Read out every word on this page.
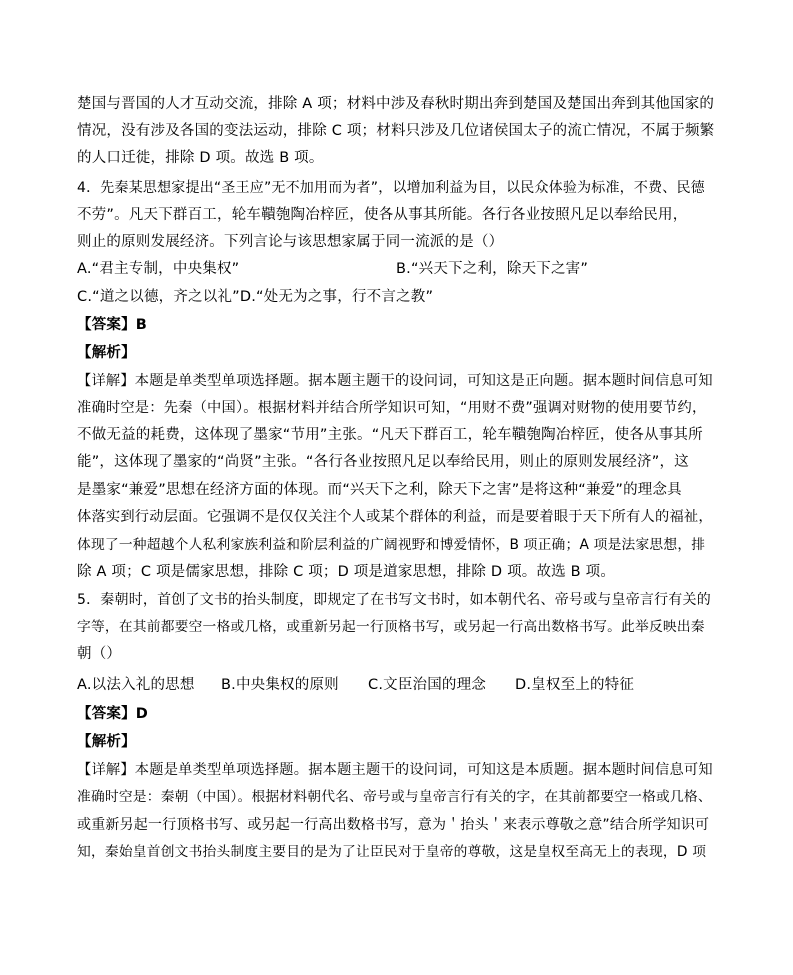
楚国与晋国的人才互动交流，排除 A 项；材料中涉及春秋时期出奔到楚国及楚国出奔到其他国家的
情况，没有涉及各国的变法运动，排除 C 项；材料只涉及几位诸侯国太子的流亡情况，不属于频繁
的人口迁徙，排除 D 项。故选 B 项。
4．先秦某思想家提出“圣王应”无不加用而为者”，以增加利益为目，以民众体验为标准，不费、民德
不劳”。凡天下群百工，轮车鞼匏陶冶梓匠，使各从事其所能。各行各业按照凡足以奉给民用，
则止的原则发展经济。下列言论与该思想家属于同一流派的是（）
A.“君主专制，中央集权”	B.“兴天下之利，除天下之害”
C.“道之以德，齐之以礼”D.“处无为之事，行不言之教”
【答案】B
【解析】
【详解】本题是单类型单项选择题。据本题主题干的设问词，可知这是正向题。据本题时间信息可知
准确时空是：先秦（中国）。根据材料并结合所学知识可知，“用财不费”强调对财物的使用要节约，
不做无益的耗费，这体现了墨家“节用”主张。“凡天下群百工，轮车鞼匏陶冶梓匠，使各从事其所
能”，这体现了墨家的“尚贤”主张。“各行各业按照凡足以奉给民用，则止的原则发展经济”，这
是墨家“兼爱”思想在经济方面的体现。而“兴天下之利，除天下之害”是将这种“兼爱”的理念具
体落实到行动层面。它强调不是仅仅关注个人或某个群体的利益，而是要着眼于天下所有人的福祉，
体现了一种超越个人私利家族利益和阶层利益的广阔视野和博爱情怀，B 项正确；A 项是法家思想，排
除 A 项；C 项是儒家思想，排除 C 项；D 项是道家思想，排除 D 项。故选 B 项。
5．秦朝时，首创了文书的抬头制度，即规定了在书写文书时，如本朝代名、帝号或与皇帝言行有关的
字等，在其前都要空一格或几格，或重新另起一行顶格书写，或另起一行高出数格书写。此举反映出秦
朝（）
A.以法入礼的思想 B.中央集权的原则 C.文臣治国的理念 D.皇权至上的特征
【答案】D
【解析】
【详解】本题是单类型单项选择题。据本题主题干的设问词，可知这是本质题。据本题时间信息可知
准确时空是：秦朝（中国）。根据材料朝代名、帝号或与皇帝言行有关的字，在其前都要空一格或几格、
或重新另起一行顶格书写、或另起一行高出数格书写，意为＇抬头＇来表示尊敬之意”结合所学知识可
知，秦始皇首创文书抬头制度主要目的是为了让臣民对于皇帝的尊敬，这是皇权至高无上的表现，D 项
